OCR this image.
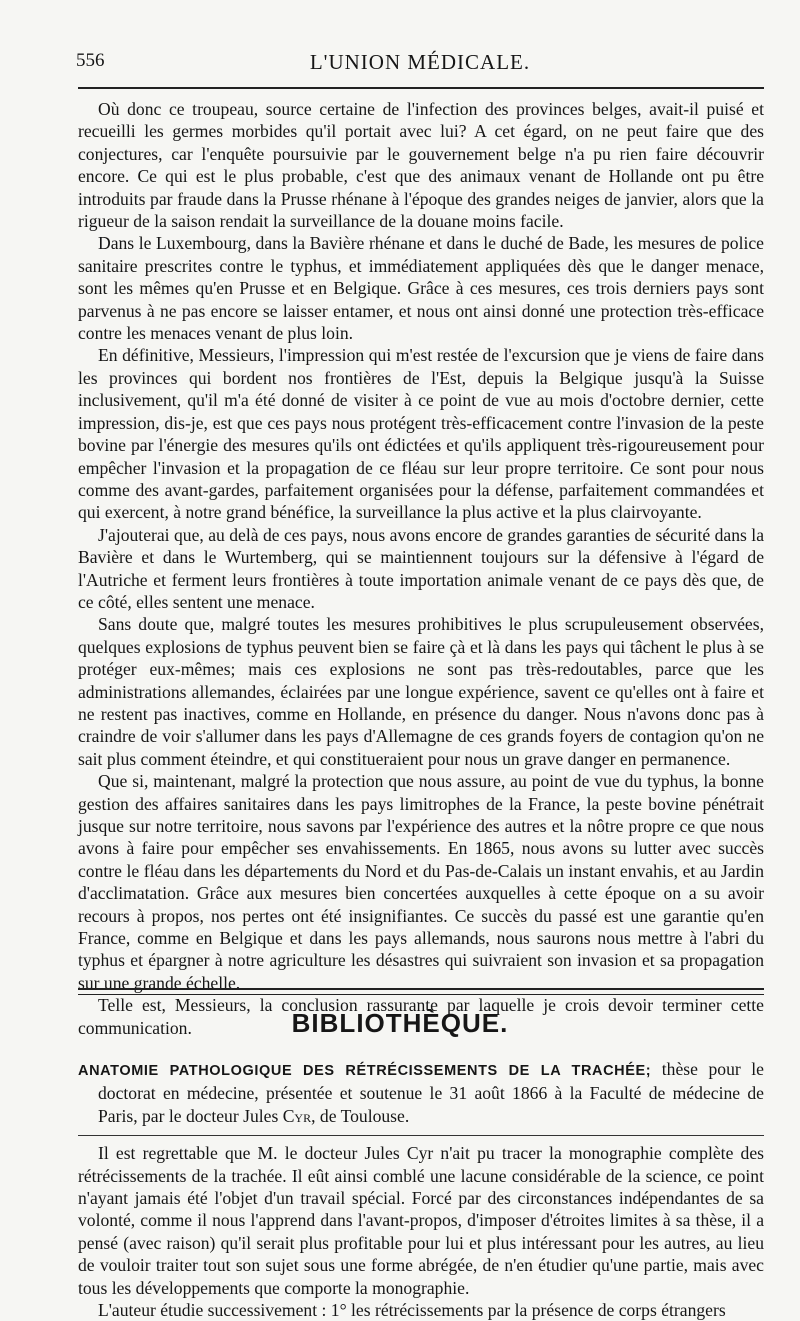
556	L'UNION MÉDICALE.

Où donc ce troupeau, source certaine de l'infection des provinces belges, avait-il puisé et recueilli les germes morbides qu'il portait avec lui? A cet égard, on ne peut faire que des conjectures, car l'enquête poursuivie par le gouvernement belge n'a pu rien faire découvrir encore. Ce qui est le plus probable, c'est que des animaux venant de Hollande ont pu être introduits par fraude dans la Prusse rhénane à l'époque des grandes neiges de janvier, alors que la rigueur de la saison rendait la surveillance de la douane moins facile.

Dans le Luxembourg, dans la Bavière rhénane et dans le duché de Bade, les mesures de police sanitaire prescrites contre le typhus, et immédiatement appliquées dès que le danger menace, sont les mêmes qu'en Prusse et en Belgique. Grâce à ces mesures, ces trois derniers pays sont parvenus à ne pas encore se laisser entamer, et nous ont ainsi donné une protection très-efficace contre les menaces venant de plus loin.

En définitive, Messieurs, l'impression qui m'est restée de l'excursion que je viens de faire dans les provinces qui bordent nos frontières de l'Est, depuis la Belgique jusqu'à la Suisse inclusivement, qu'il m'a été donné de visiter à ce point de vue au mois d'octobre dernier, cette impression, dis-je, est que ces pays nous protégent très-efficacement contre l'invasion de la peste bovine par l'énergie des mesures qu'ils ont édictées et qu'ils appliquent très-rigoureusement pour empêcher l'invasion et la propagation de ce fléau sur leur propre territoire. Ce sont pour nous comme des avant-gardes, parfaitement organisées pour la défense, parfaitement commandées et qui exercent, à notre grand bénéfice, la surveillance la plus active et la plus clairvoyante.

J'ajouterai que, au delà de ces pays, nous avons encore de grandes garanties de sécurité dans la Bavière et dans le Wurtemberg, qui se maintiennent toujours sur la défensive à l'égard de l'Autriche et ferment leurs frontières à toute importation animale venant de ce pays dès que, de ce côté, elles sentent une menace.

Sans doute que, malgré toutes les mesures prohibitives le plus scrupuleusement observées, quelques explosions de typhus peuvent bien se faire çà et là dans les pays qui tâchent le plus à se protéger eux-mêmes; mais ces explosions ne sont pas très-redoutables, parce que les administrations allemandes, éclairées par une longue expérience, savent ce qu'elles ont à faire et ne restent pas inactives, comme en Hollande, en présence du danger. Nous n'avons donc pas à craindre de voir s'allumer dans les pays d'Allemagne de ces grands foyers de contagion qu'on ne sait plus comment éteindre, et qui constitueraient pour nous un grave danger en permanence.

Que si, maintenant, malgré la protection que nous assure, au point de vue du typhus, la bonne gestion des affaires sanitaires dans les pays limitrophes de la France, la peste bovine pénétrait jusque sur notre territoire, nous savons par l'expérience des autres et la nôtre propre ce que nous avons à faire pour empêcher ses envahissements. En 1865, nous avons su lutter avec succès contre le fléau dans les départements du Nord et du Pas-de-Calais un instant envahis, et au Jardin d'acclimatation. Grâce aux mesures bien concertées auxquelles à cette époque on a su avoir recours à propos, nos pertes ont été insignifiantes. Ce succès du passé est une garantie qu'en France, comme en Belgique et dans les pays allemands, nous saurons nous mettre à l'abri du typhus et épargner à notre agriculture les désastres qui suivraient son invasion et sa propagation sur une grande échelle.

Telle est, Messieurs, la conclusion rassurante par laquelle je crois devoir terminer cette communication.	BIBLIOTHÈQUE.

ANATOMIE PATHOLOGIQUE DES RÉTRÉCISSEMENTS DE LA TRACHÉE; thèse pour le doctorat en médecine, présentée et soutenue le 31 août 1866 à la Faculté de médecine de Paris, par le docteur Jules Cyr, de Toulouse.

Il est regrettable que M. le docteur Jules Cyr n'ait pu tracer la monographie complète des rétrécissements de la trachée. Il eût ainsi comblé une lacune considérable de la science, ce point n'ayant jamais été l'objet d'un travail spécial. Forcé par des circonstances indépendantes de sa volonté, comme il nous l'apprend dans l'avant-propos, d'imposer d'étroites limites à sa thèse, il a pensé (avec raison) qu'il serait plus profitable pour lui et plus intéressant pour les autres, au lieu de vouloir traiter tout son sujet sous une forme abrégée, de n'en étudier qu'une partie, mais avec tous les développements que comporte la monographie.

L'auteur étudie successivement : 1° les rétrécissements par la présence de corps étrangers
